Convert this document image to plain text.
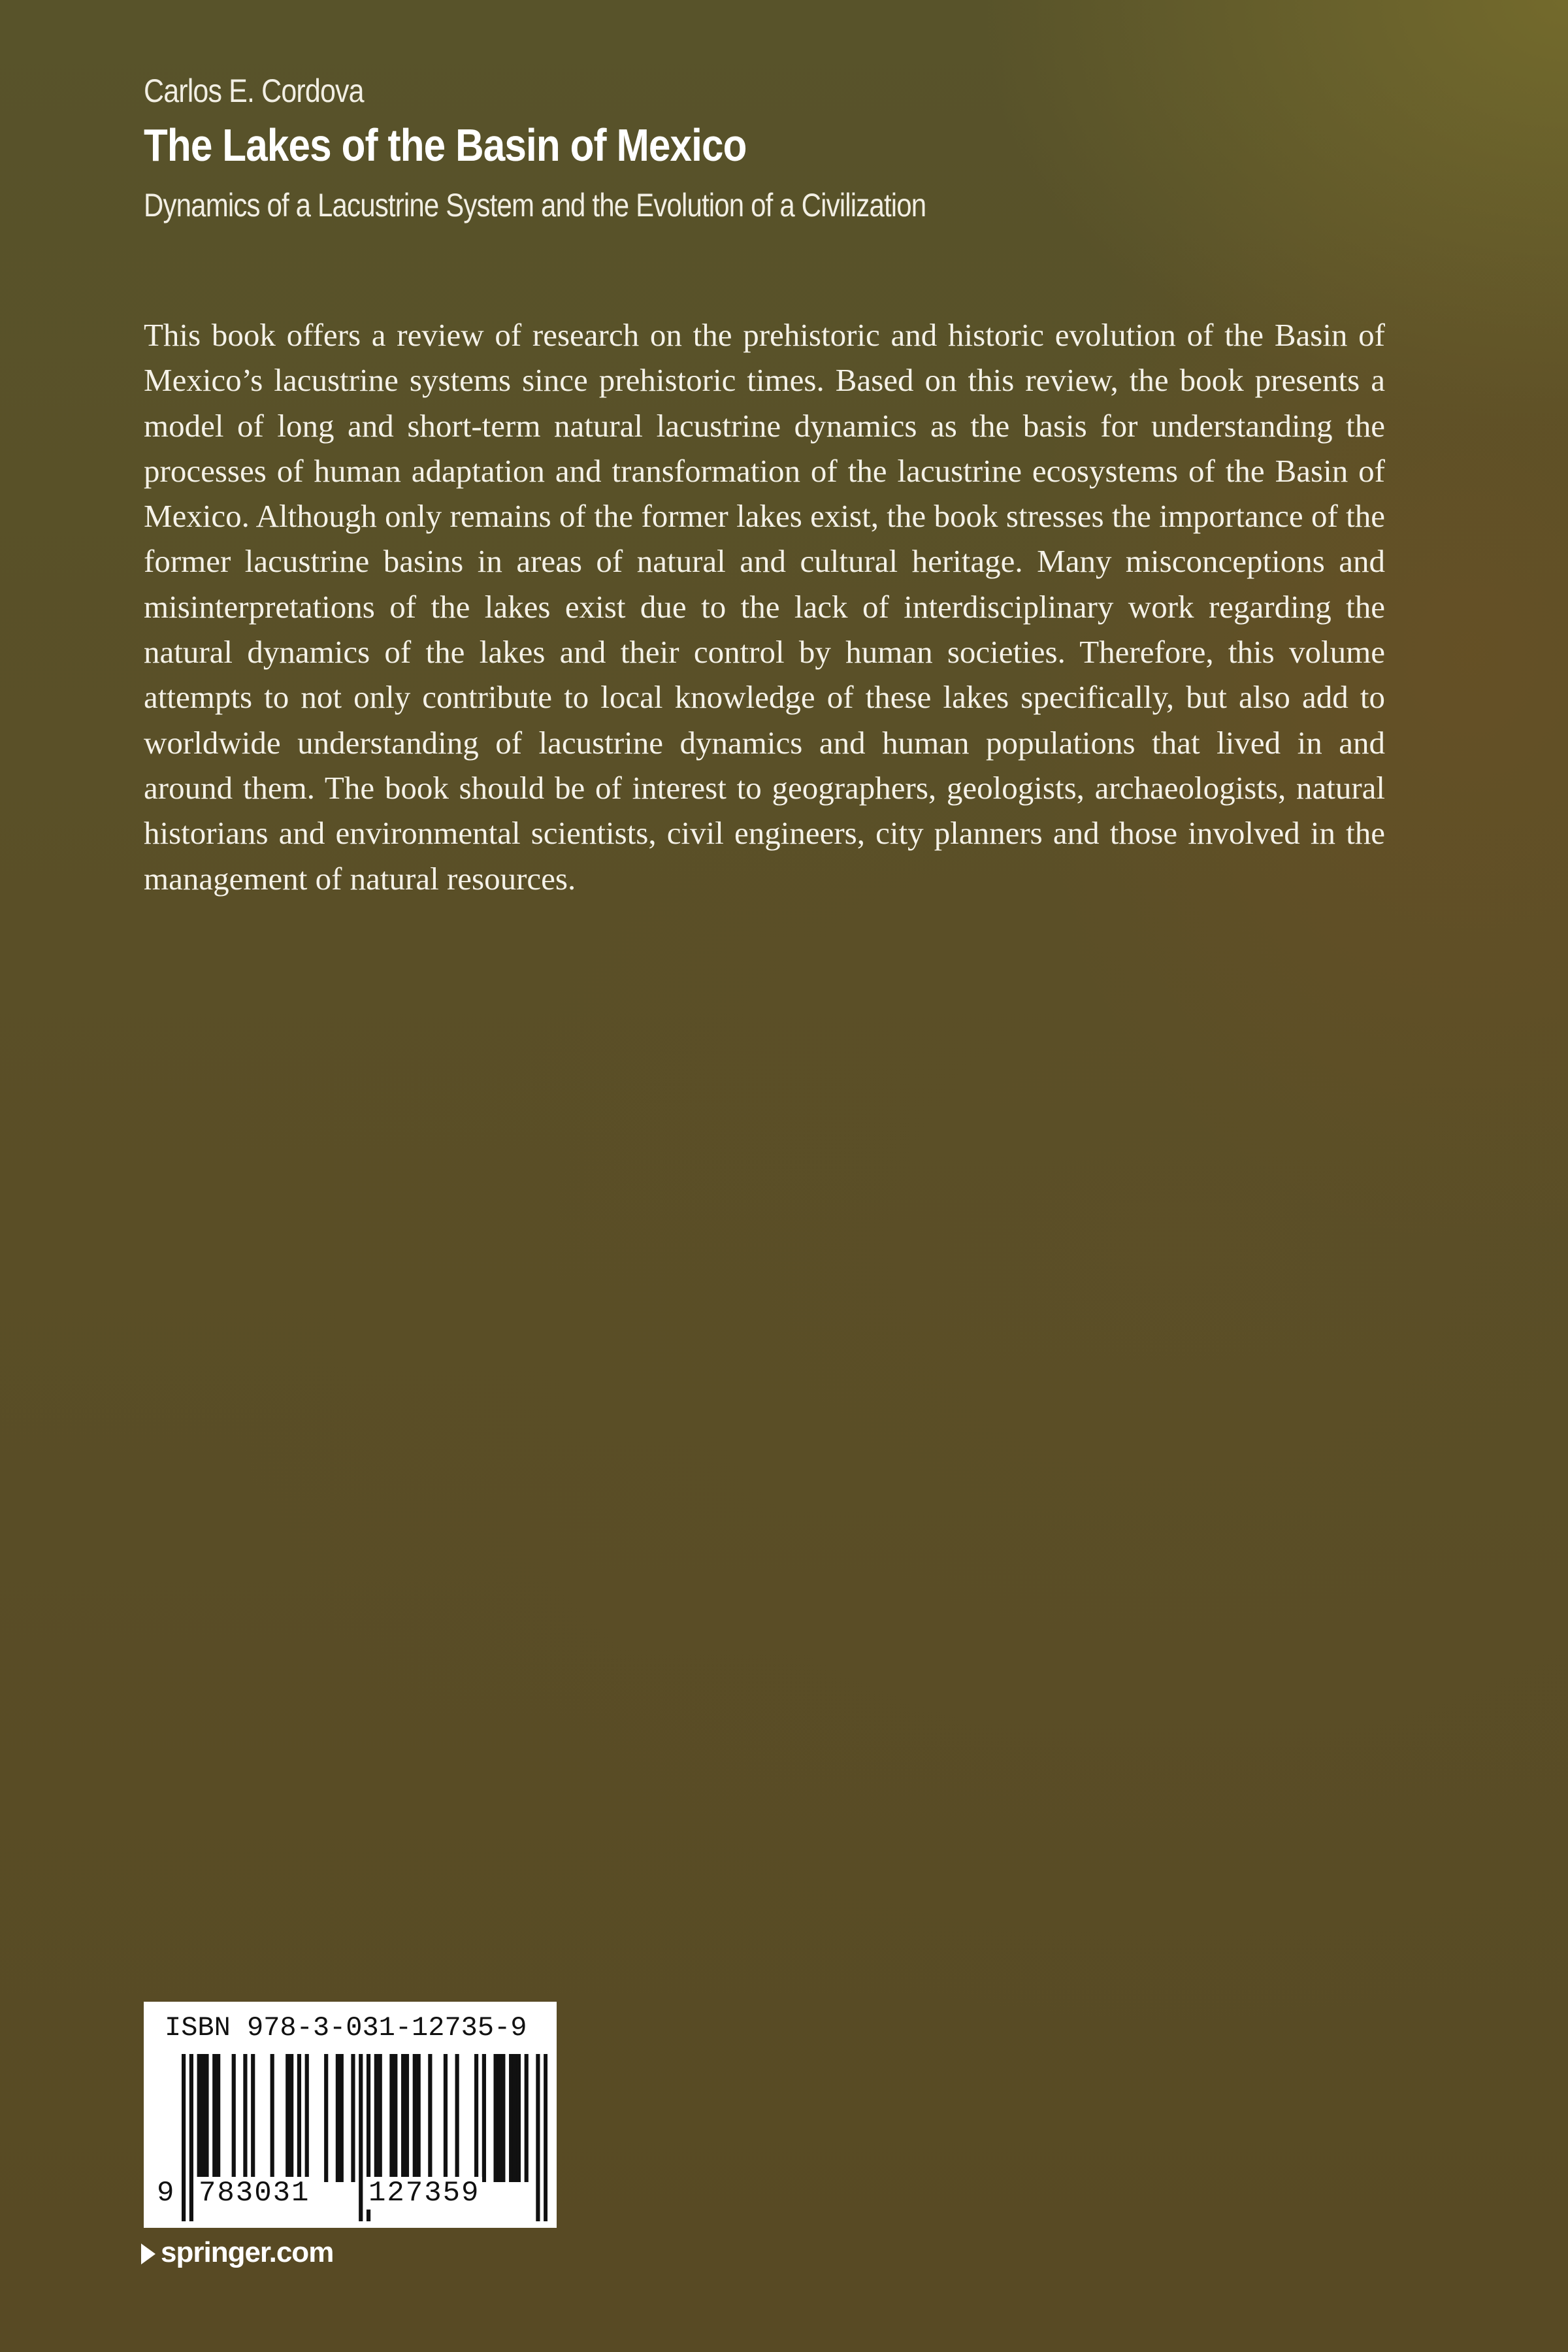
Carlos E. Cordova
The Lakes of the Basin of Mexico
Dynamics of a Lacustrine System and the Evolution of a Civilization
This book offers a review of research on the prehistoric and historic evolution of the Basin of Mexico’s lacustrine systems since prehistoric times. Based on this review, the book presents a model of long and short-term natural lacustrine dynamics as the basis for understanding the processes of human adaptation and transformation of the lacustrine ecosystems of the Basin of Mexico. Although only remains of the former lakes exist, the book stresses the importance of the former lacustrine basins in areas of natural and cultural heritage. Many misconceptions and misinterpretations of the lakes exist due to the lack of interdisciplinary work regarding the natural dynamics of the lakes and their control by human societies. Therefore, this volume attempts to not only contribute to local knowledge of these lakes specifically, but also add to worldwide understanding of lacustrine dynamics and human populations that lived in and around them. The book should be of interest to geographers, geologists, archaeologists, natural historians and environmental scientists, civil engineers, city planners and those involved in the management of natural resources.
ISBN 978-3-031-12735-9
9 783031 127359
springer.com
